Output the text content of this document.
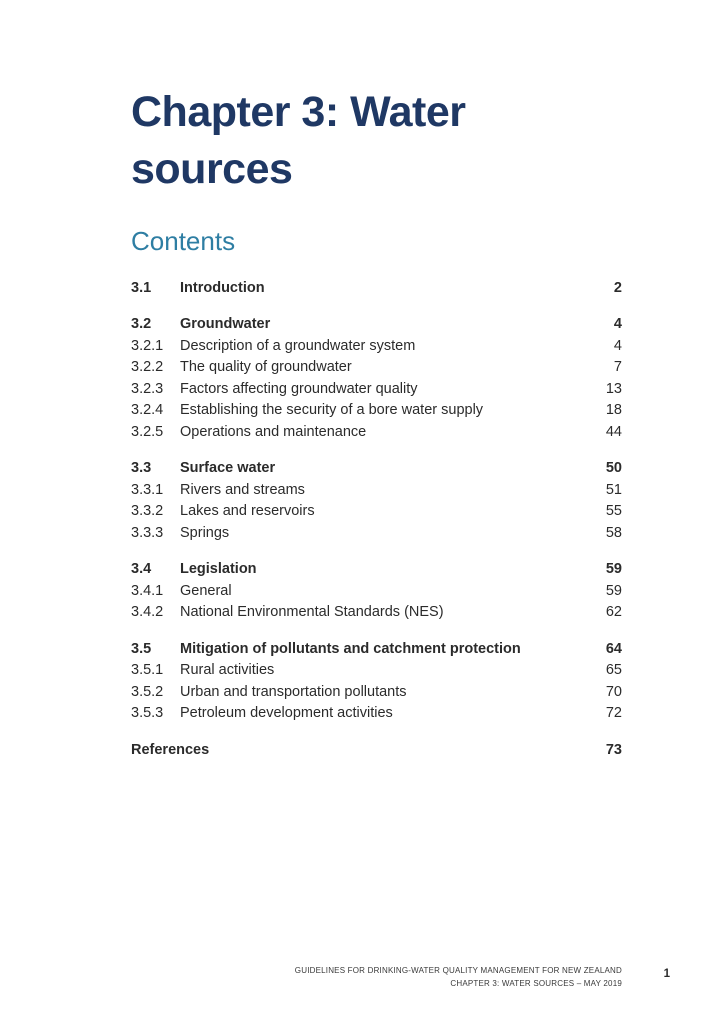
Chapter 3: Water sources
Contents
3.1	Introduction	2
3.2	Groundwater	4
3.2.1	Description of a groundwater system	4
3.2.2	The quality of groundwater	7
3.2.3	Factors affecting groundwater quality	13
3.2.4	Establishing the security of a bore water supply	18
3.2.5	Operations and maintenance	44
3.3	Surface water	50
3.3.1	Rivers and streams	51
3.3.2	Lakes and reservoirs	55
3.3.3	Springs	58
3.4	Legislation	59
3.4.1	General	59
3.4.2	National Environmental Standards (NES)	62
3.5	Mitigation of pollutants and catchment protection	64
3.5.1	Rural activities	65
3.5.2	Urban and transportation pollutants	70
3.5.3	Petroleum development activities	72
References	73
GUIDELINES FOR DRINKING-WATER QUALITY MANAGEMENT FOR NEW ZEALAND
CHAPTER 3: WATER SOURCES – MAY 2019
1
